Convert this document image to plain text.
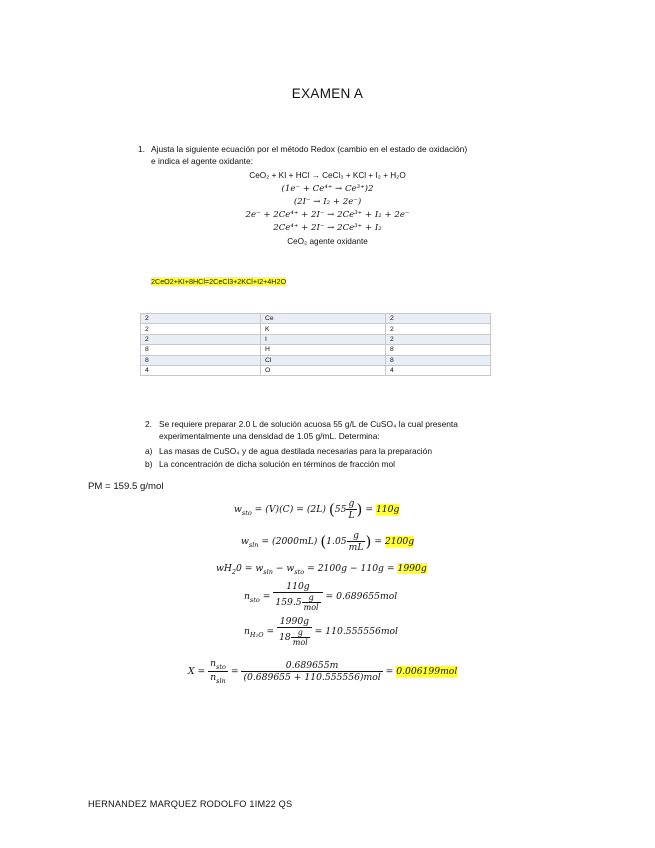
EXAMEN A
1. Ajusta la siguiente ecuación por el método Redox (cambio en el estado de oxidación)
e indica el agente oxidante:
CeO₂ + KI + HCl → CeCl₃ + KCl + I₂ + H₂O
(1e⁻ + Ce⁴⁺ → Ce³⁺)2
(2I⁻ → I₂ + 2e⁻)
2e⁻ + 2Ce⁴⁺ + 2I⁻ → 2Ce³⁺ + I₂ + 2e⁻
2Ce⁴⁺ + 2I⁻ → 2Ce³⁺ + I₂
CeO₂ agente oxidante
2CeO2+KI+8HCl=2CeCl3+2KCl+I2+4H2O
2	Ce	2
2	K	2
2	I	2
8	H	8
8	Cl	8
4	O	4
2. Se requiere preparar 2.0 L de solución acuosa 55 g/L de CuSO₄ la cual presenta
experimentalmente una densidad de 1.05 g/mL. Determina:
a) Las masas de CuSO₄ y de agua destilada necesarias para la preparación
b) La concentración de dicha solución en términos de fracción mol
PM = 159.5 g/mol
$w_{sto} = (V)(C) = (2L)$ ($55 \frac{g}{L}$ ) = 110g
$w_{sln} = (2000mL)$ ($1.05 \frac{g}{mL}$ ) = 2100g
$wH_20 = w_{sln} - w_{sto} = 2100g - 110g = 1990g$
$n_{sto} = \frac{110g}{159.5 \frac{g}{\text{mol}}} = 0.689655mol$
$n_{H_2O} = \frac{1990g}{18 \frac{g}{\text{mol}}} = 110.555556mol$
$X = \frac{n_{sto}}{n_{sln}} = \frac{0.689655m}{\text{(0.689655 + 110.555556)mol}} = 0.006199mol$
HERNANDEZ MARQUEZ RODOLFO 1IM22 QS
